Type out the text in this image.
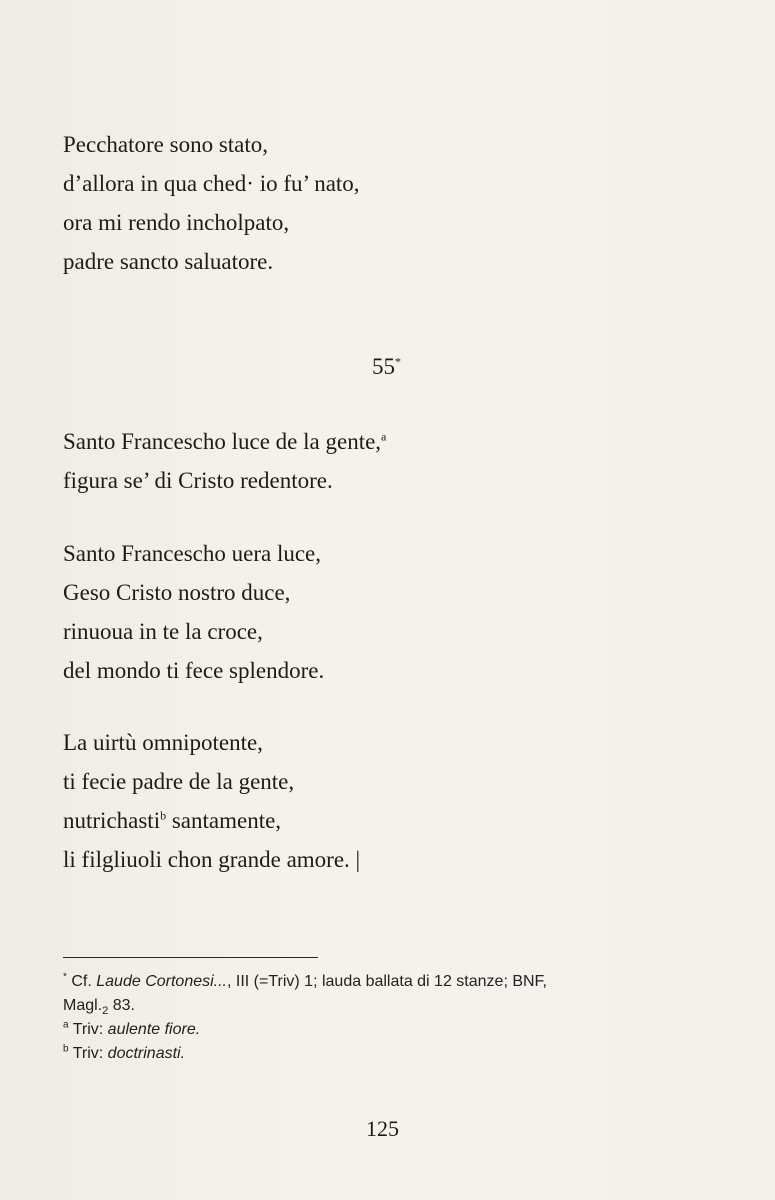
Pecchatore sono stato,
d’allora in qua ched· io fu’ nato,
ora mi rendo incholpato,
padre sancto saluatore.
55*
Santo Francescho luce de la gente,$^a$
figura se’ di Cristo redentore.
Santo Francescho uera luce,
Geso Cristo nostro duce,
rinuoua in te la croce,
del mondo ti fece splendore.
La uirtù omnipotente,
ti fecie padre de la gente,
nutrichasti$^b$ santamente,
li filgliuoli chon grande amore. |
* Cf. Laude Cortonesi..., III (=Triv) 1; lauda ballata di 12 stanze; BNF,
$Magl._2$ 83.
$^a$ Triv: aulente fiore.
$^b$ Triv: doctrinasti.
125
